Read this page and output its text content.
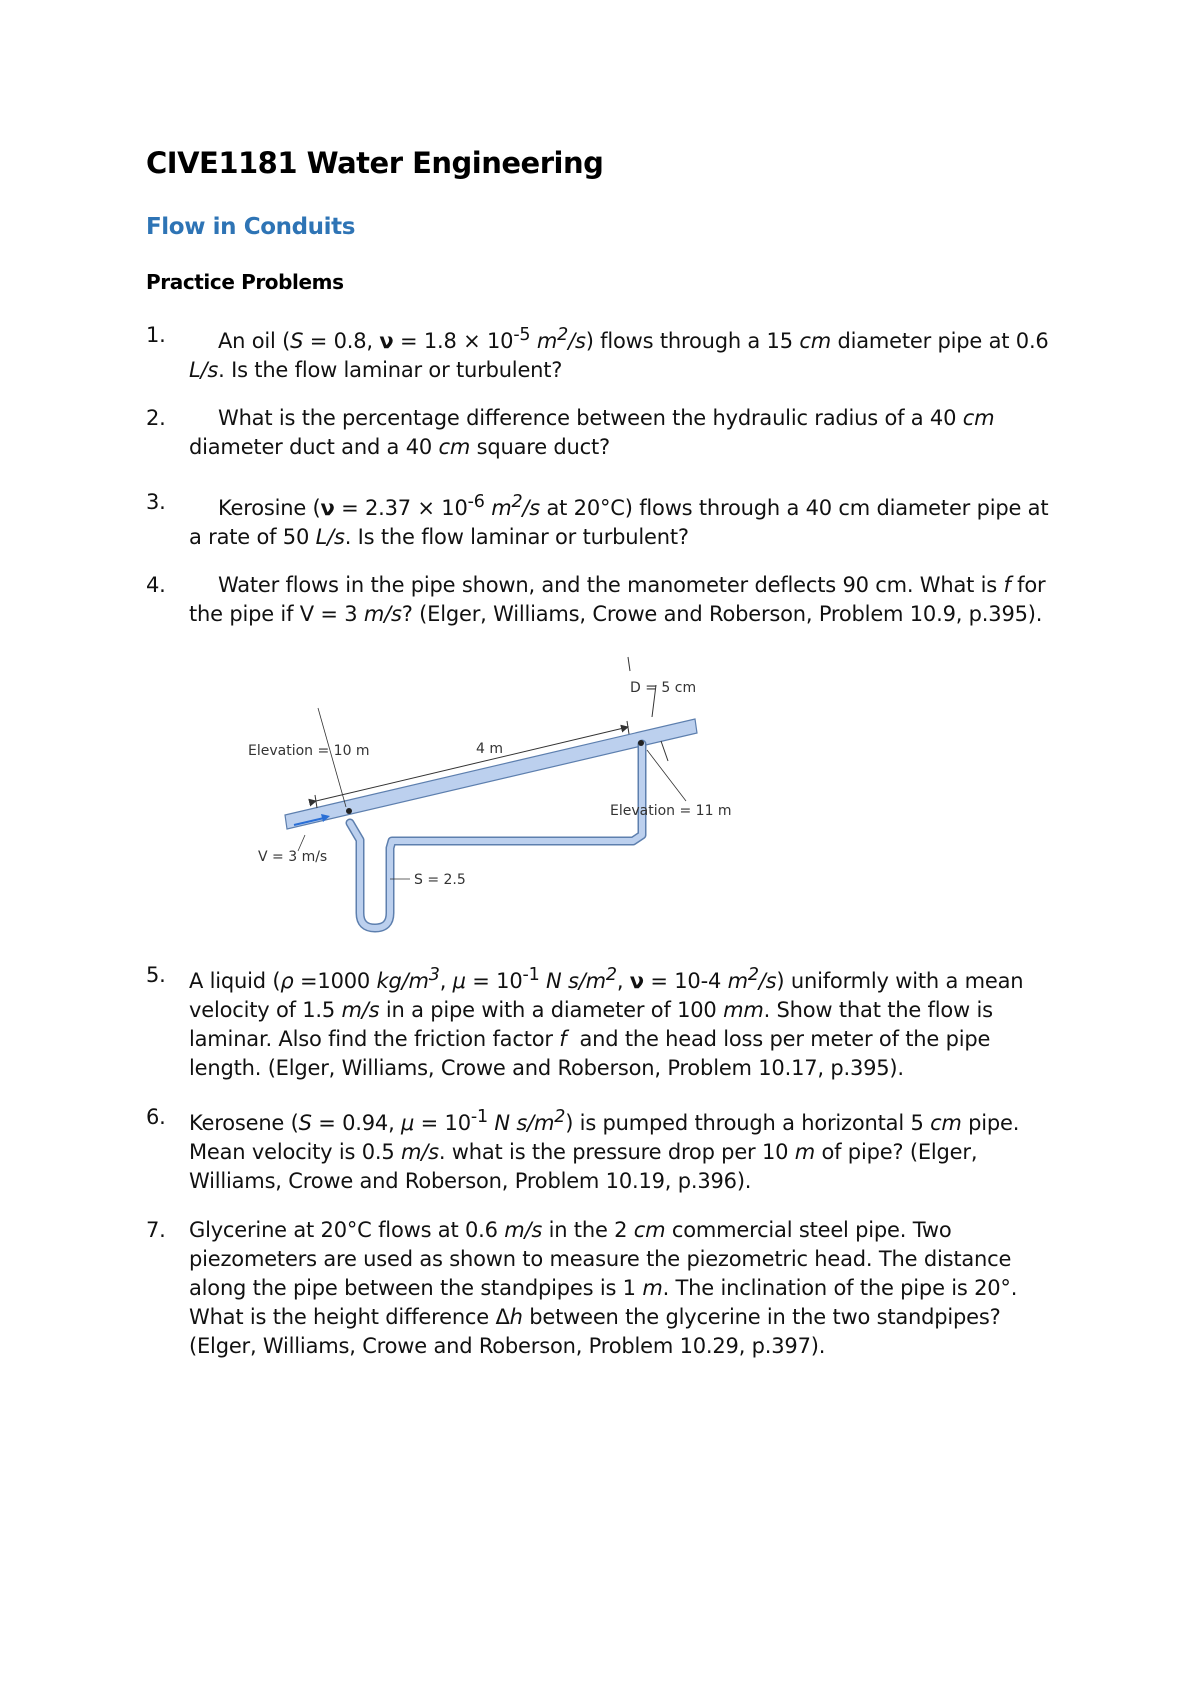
CIVE1181 Water Engineering
Flow in Conduits
Practice Problems
1.	An oil (S = 0.8, $\nu = 1.8 \times 10^{-5}$ $m^2/s$) flows through a 15 cm diameter pipe at 0.6 L/s. Is the flow laminar or turbulent?
2.	What is the percentage difference between the hydraulic radius of a 40 cm diameter duct and a 40 cm square duct?
3.	Kerosine ($\nu = 2.37 \times 10^{-6}$ $m^2/s$ at 20°C) flows through a 40 cm diameter pipe at a rate of 50 L/s. Is the flow laminar or turbulent?
4.	Water flows in the pipe shown, and the manometer deflects 90 cm. What is f for the pipe if V = 3 m/s? (Elger, Williams, Crowe and Roberson, Problem 10.9, p.395).
D = 5 cm
Elevation = 10 m	4 m
Elevation = 11 m
V = 3 m/s
S = 2.5
5. A liquid (ρ =1000 $kg/m^3$, $\mu = 10^{-1}$ N $s/m^2$, ν = 10-4 $m^2/s$) uniformly with a mean velocity of 1.5 m/s in a pipe with a diameter of 100 mm. Show that the flow is laminar. Also find the friction factor f  and the head loss per meter of the pipe length. (Elger, Williams, Crowe and Roberson, Problem 10.17, p.395).
6. Kerosene (S = 0.94, $\mu = 10^{-1}$ N $s/m^2$) is pumped through a horizontal 5 cm pipe. Mean velocity is 0.5 m/s. what is the pressure drop per 10 m of pipe? (Elger, Williams, Crowe and Roberson, Problem 10.19, p.396).
7. Glycerine at 20°C flows at 0.6 m/s in the 2 cm commercial steel pipe. Two piezometers are used as shown to measure the piezometric head. The distance along the pipe between the standpipes is 1 m. The inclination of the pipe is 20°. What is the height difference Δh between the glycerine in the two standpipes? (Elger, Williams, Crowe and Roberson, Problem 10.29, p.397).
